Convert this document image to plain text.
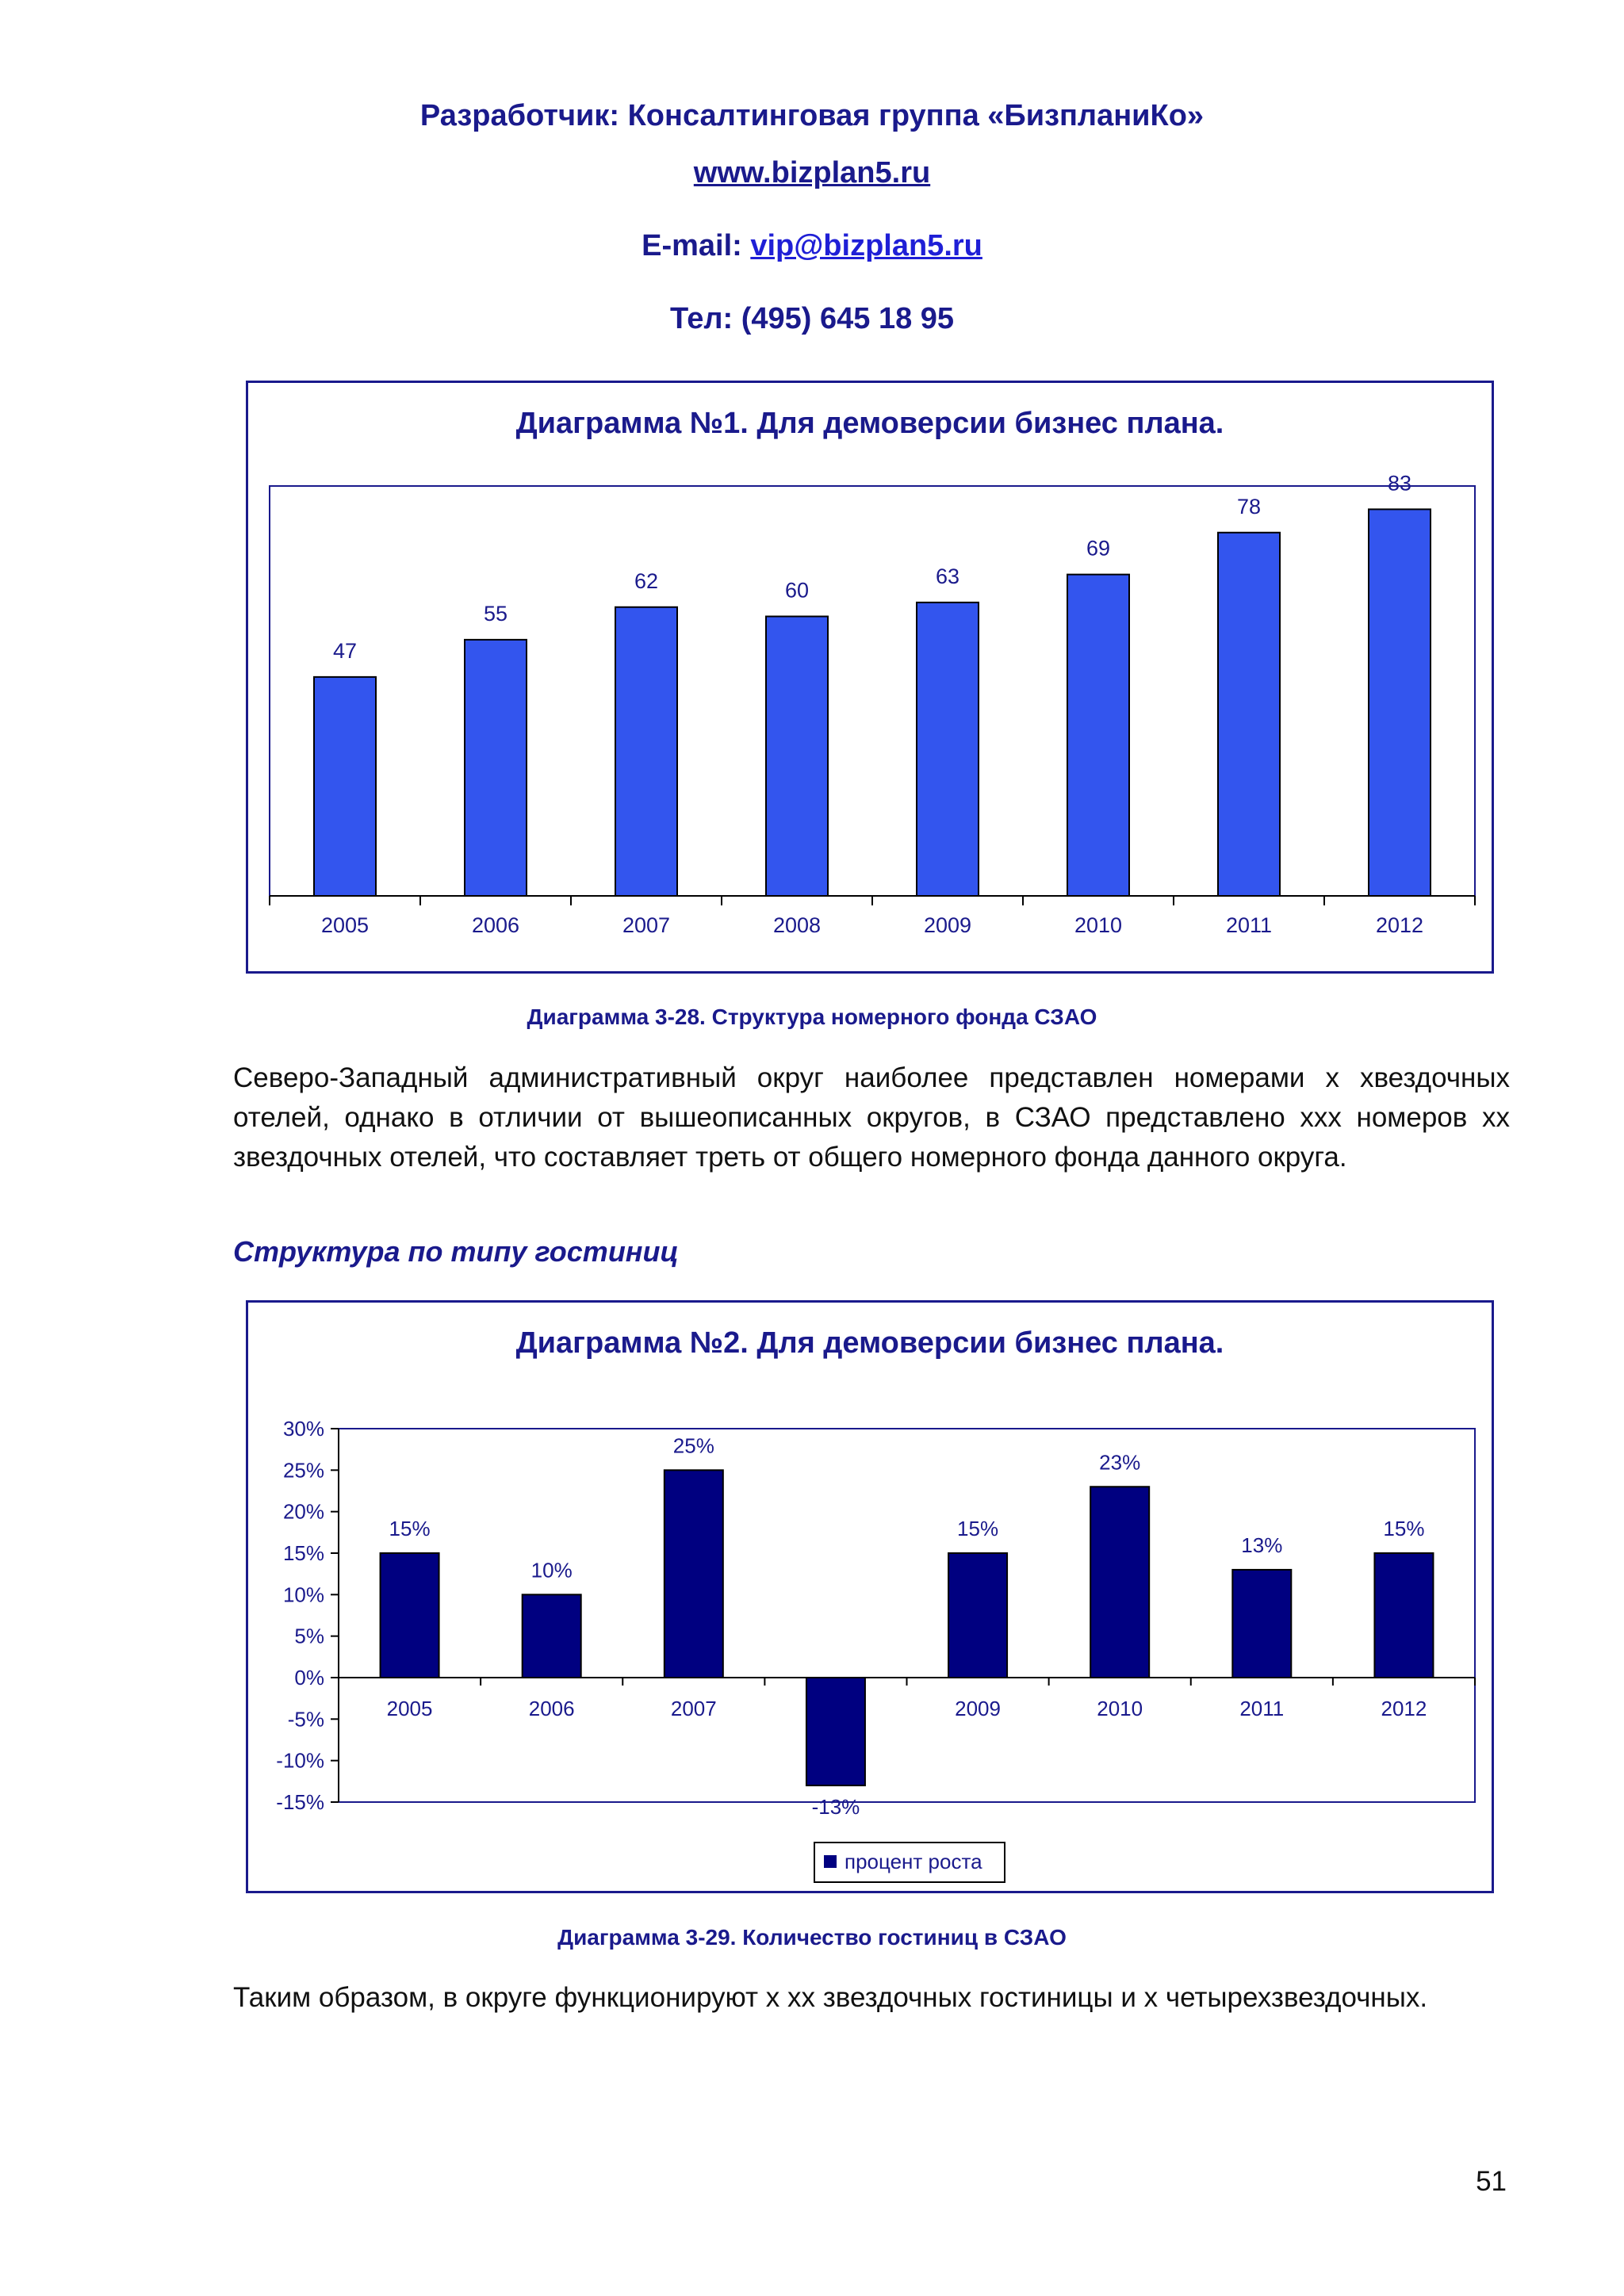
Разработчик: Консалтинговая группа «БизпланиКо»
www.bizplan5.ru
E-mail: vip@bizplan5.ru
Тел: (495) 645 18 95
Диаграмма №1. Для демоверсии бизнес плана.
47
2005
55
2006
62
2007
60
2008
63
2009
69
2010
78
2011
83
2012
Диаграмма 3-28. Структура номерного фонда СЗАО
Северо-Западный административный округ наиболее представлен номерами х хвездочных отелей, однако в отличии от вышеописанных округов, в СЗАО представлено ххх номеров хх звездочных отелей, что составляет треть от общего номерного фонда данного округа.
Структура по типу гостиниц
Диаграмма №2. Для демоверсии бизнес плана.
30%
25%
20%
15%
10%
5%
0%
-5%
-10%
-15%
15%
2005
10%
2006
25%
2007
-13%
15%
2009
23%
2010
13%
2011
15%
2012
процент роста
Диаграмма 3-29. Количество гостиниц в СЗАО
Таким образом, в округе функционируют х хх звездочных гостиницы и х четырехзвездочных.
51
